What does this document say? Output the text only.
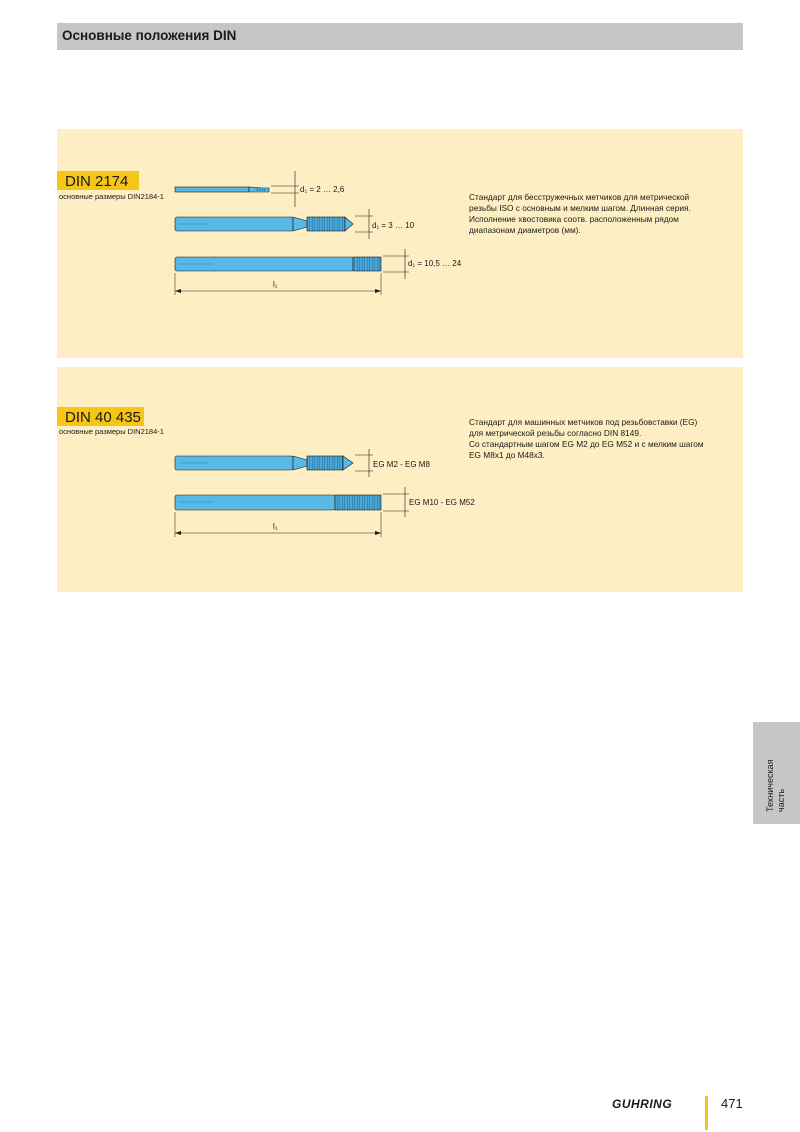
Основные положения DIN
DIN 2174
основные размеры DIN2184-1
d₁ = 2 … 2,6
d₁ = 3 … 10
d₁ = 10,5 … 24
l₁

Стандарт для бесстружечных метчиков для метрической

резьбы ISO с основным и мелким шагом. Длинная серия.

Исполнение хвостовика соотв. расположенным рядом

диапазонам диаметров (мм).

DIN 40 435
основные размеры DIN2184-1
EG M2 - EG M8
EG M10 - EG M52
l₁

Стандарт для машинных метчиков под резьбовставки (EG)

для метрической резьбы согласно DIN 8149.

Со стандартным шагом EG M2 до EG M52 и с мелким шагом

EG M8x1 до M48x3.

Техническая часть
GUHRING	471
